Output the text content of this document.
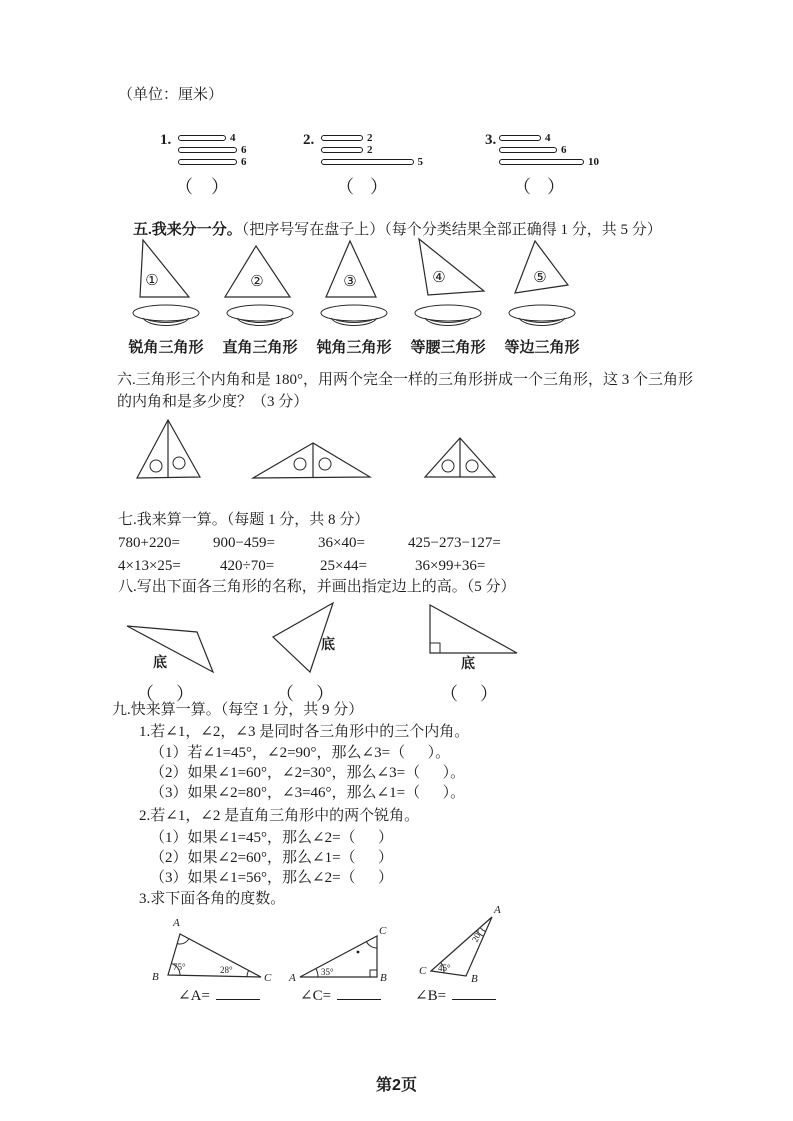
（单位：厘米）
1.	4
6
6
（ ）
2.	2
2
5
（ ）
3.	4
6
10
（ ）

五.我来分一分。（把序号写在盘子上）（每个分类结果全部正确得 1 分，共 5 分）

①
锐角三角形
②
直角三角形
③
钝角三角形
④
等腰三角形
⑤
等边三角形
六.三角形三个内角和是 180°，用两个完全一样的三角形拼成一个三角形，这 3 个三角形
的内角和是多少度？（3 分）
七.我来算一算。（每题 1 分，共 8 分）
780+220= 900−459=	36×40=	425−273−127=
4×13×25=	420÷70=	25×44=	36×99+36=
八.写出下面各三角形的名称，并画出指定边上的高。（5 分）
底
底
底
（ ）	（ ）	（ ）
九.快来算一算。（每空 1 分，共 9 分）
1.若∠1，∠2，∠3 是同时各三角形中的三个内角。
（1）若∠1=45°，∠2=90°，那么∠3=（      ）。
（2）如果∠1=60°，∠2=30°，那么∠3=（      ）。
（3）如果∠2=80°，∠3=46°，那么∠1=（      ）。
2.若∠1，∠2 是直角三角形中的两个锐角。
（1）如果∠1=45°，那么∠2=（      ）
（2）如果∠2=60°，那么∠1=（      ）
（3）如果∠1=56°，那么∠2=（      ）
3.求下面各角的度数。
A
B	C
75°	28°
A	B
C
35°	C
B
A
45°
20°
∠A=	∠C=	∠B=
第2页
